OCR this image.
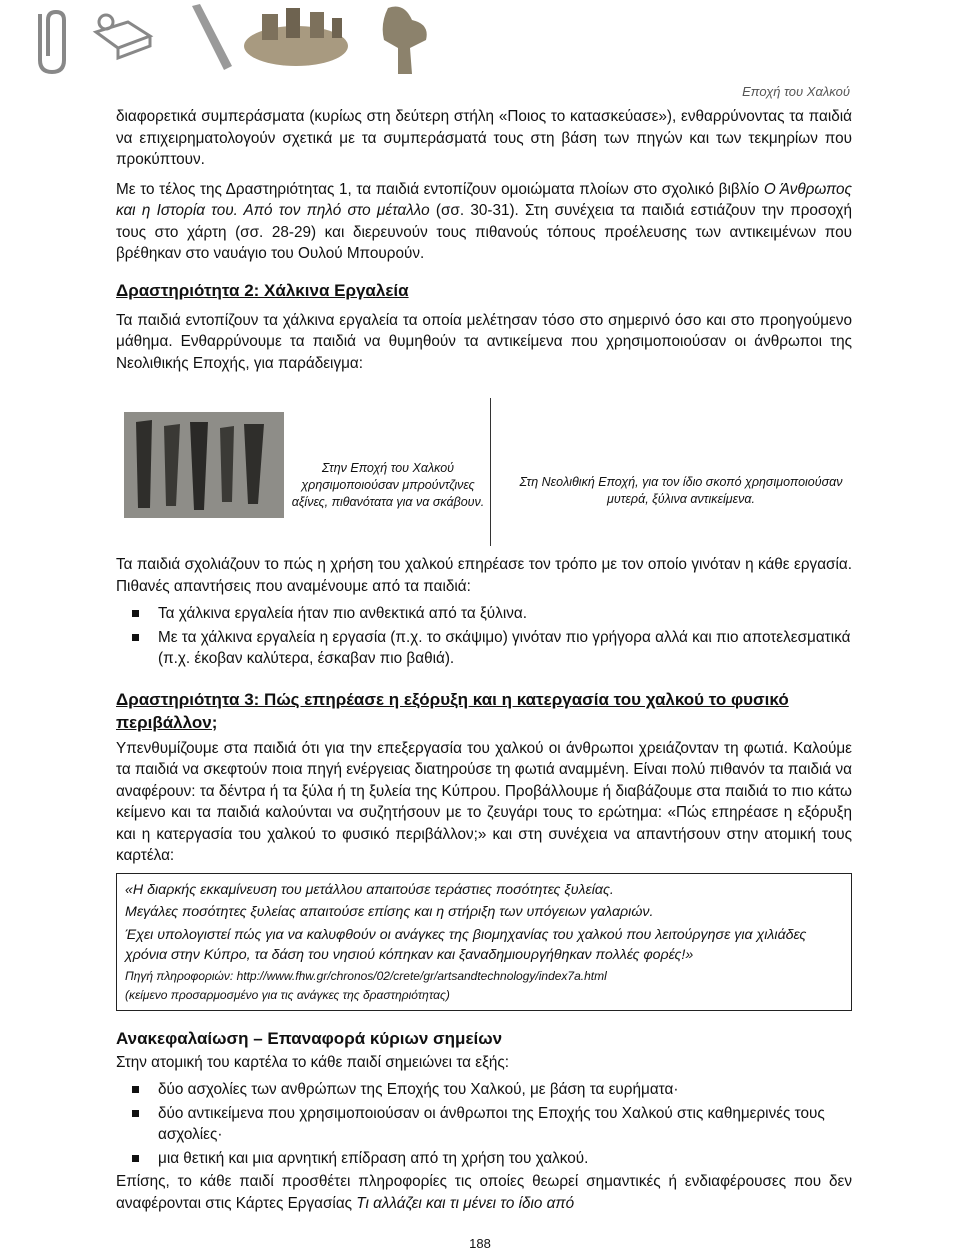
Εποχή του Χαλκού

διαφορετικά συμπεράσματα (κυρίως στη δεύτερη στήλη «Ποιος το κατασκεύασε»), ενθαρρύνοντας τα παιδιά να επιχειρηματολογούν σχετικά με τα συμπεράσματά τους στη βάση των πηγών και των τεκμηρίων που προκύπτουν.

Με το τέλος της Δραστηριότητας 1, τα παιδιά εντοπίζουν ομοιώματα πλοίων στο σχολικό βιβλίο Ο Άνθρωπος και η Ιστορία του. Από τον πηλό στο μέταλλο (σσ. 30-31). Στη συνέχεια τα παιδιά εστιάζουν την προσοχή τους στο χάρτη (σσ. 28-29) και διερευνούν τους πιθανούς τόπους προέλευσης των αντικειμένων που βρέθηκαν στο ναυάγιο του Ουλού Μπουρούν.

Δραστηριότητα 2: Χάλκινα Εργαλεία

Τα παιδιά εντοπίζουν τα χάλκινα εργαλεία τα οποία μελέτησαν τόσο στο σημερινό όσο και στο προηγούμενο μάθημα. Ενθαρρύνουμε τα παιδιά να θυμηθούν τα αντικείμενα που χρησιμοποιούσαν οι άνθρωποι της Νεολιθικής Εποχής, για παράδειγμα:

Στην Εποχή του Χαλκού χρησιμοποιούσαν μπρούντζινες αξίνες, πιθανότατα για να σκάβουν.
Στη Νεολιθική Εποχή, για τον ίδιο σκοπό χρησιμοποιούσαν μυτερά, ξύλινα αντικείμενα.

Τα παιδιά σχολιάζουν το πώς η χρήση του χαλκού επηρέασε τον τρόπο με τον οποίο γινόταν η κάθε εργασία. Πιθανές απαντήσεις που αναμένουμε από τα παιδιά:

Τα χάλκινα εργαλεία ήταν πιο ανθεκτικά από τα ξύλινα.
Με τα χάλκινα εργαλεία η εργασία (π.χ. το σκάψιμο) γινόταν πιο γρήγορα αλλά και πιο αποτελεσματικά (π.χ. έκοβαν καλύτερα, έσκαβαν πιο βαθιά).
Δραστηριότητα 3: Πώς επηρέασε η εξόρυξη και η κατεργασία του χαλκού το φυσικό περιβάλλον;

Υπενθυμίζουμε στα παιδιά ότι για την επεξεργασία του χαλκού οι άνθρωποι χρειάζονταν τη φωτιά. Καλούμε τα παιδιά να σκεφτούν ποια πηγή ενέργειας διατηρούσε τη φωτιά αναμμένη. Είναι πολύ πιθανόν τα παιδιά να αναφέρουν: τα δέντρα ή τα ξύλα ή τη ξυλεία της Κύπρου. Προβάλλουμε ή διαβάζουμε στα παιδιά το πιο κάτω κείμενο και τα παιδιά καλούνται να συζητήσουν με το ζευγάρι τους το ερώτημα: «Πώς επηρέασε η εξόρυξη και η κατεργασία του χαλκού το φυσικό περιβάλλον;» και στη συνέχεια να απαντήσουν στην ατομική τους καρτέλα:

«Η διαρκής εκκαμίνευση του μετάλλου απαιτούσε τεράστιες ποσότητες ξυλείας.
Μεγάλες ποσότητες ξυλείας απαιτούσε επίσης και η στήριξη των υπόγειων γαλαριών.
Έχει υπολογιστεί πώς για να καλυφθούν οι ανάγκες της βιομηχανίας του χαλκού που λειτούργησε για χιλιάδες χρόνια στην Κύπρο, τα δάση του νησιού κόπηκαν και ξαναδημιουργήθηκαν πολλές φορές!»
Πηγή πληροφοριών: http://www.fhw.gr/chronos/02/crete/gr/artsandtechnology/index7a.html
(κείμενο προσαρμοσμένο για τις ανάγκες της δραστηριότητας)
Ανακεφαλαίωση – Επαναφορά κύριων σημείων

Στην ατομική του καρτέλα το κάθε παιδί σημειώνει τα εξής:

δύο ασχολίες των ανθρώπων της Εποχής του Χαλκού, με βάση τα ευρήματα·
δύο αντικείμενα που χρησιμοποιούσαν οι άνθρωποι της Εποχής του Χαλκού στις καθημερινές τους ασχολίες·
μια θετική και μια αρνητική επίδραση από τη χρήση του χαλκού.

Επίσης, το κάθε παιδί προσθέτει πληροφορίες τις οποίες θεωρεί σημαντικές ή ενδιαφέρουσες που δεν αναφέρονται στις Κάρτες Εργασίας Τι αλλάζει και τι μένει το ίδιο από

188
